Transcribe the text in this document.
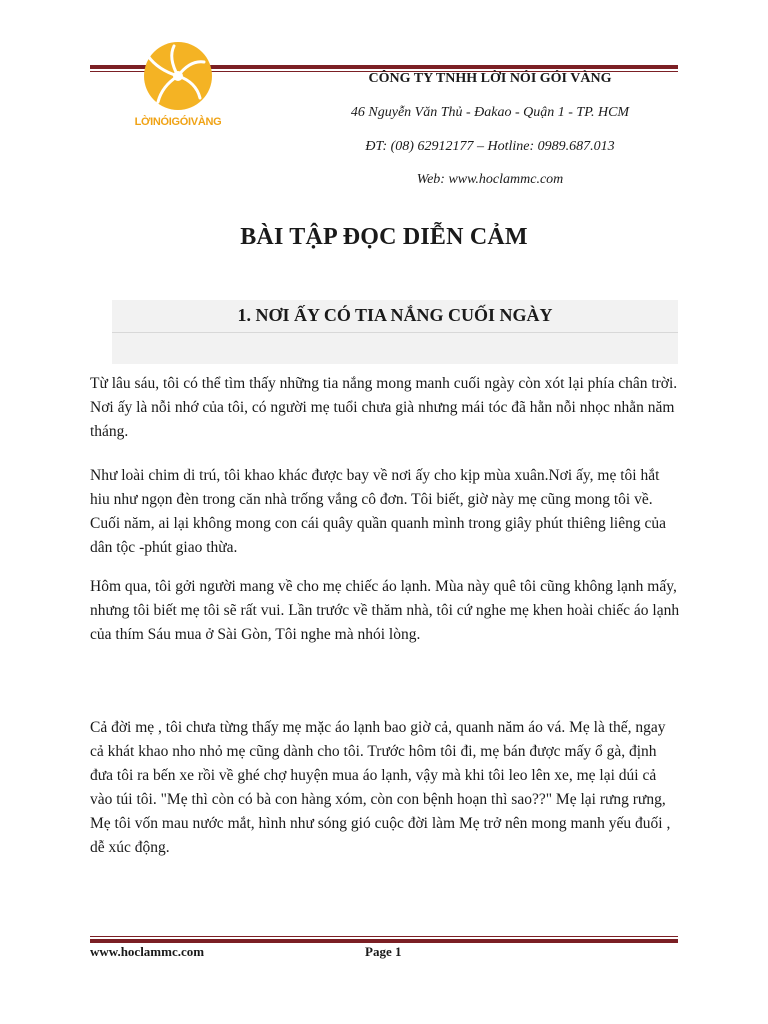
LỜINÓIGÓIVÀNG
CÔNG TY TNHH LỜI NÓI GÓI VÀNG
46 Nguyễn Văn Thủ - Đakao - Quận 1 - TP. HCM
ĐT: (08) 62912177 – Hotline: 0989.687.013
Web: www.hoclammc.com
BÀI TẬP ĐỌC DIỄN CẢM
1. NƠI ẤY CÓ TIA NẮNG CUỐI NGÀY
Từ lâu sáu, tôi có thể tìm thấy những tia nắng mong manh cuối ngày còn xót lại phía chân trời. Nơi ấy là nỗi nhớ của tôi, có người mẹ tuổi chưa già nhưng mái tóc đã hằn nỗi nhọc nhằn năm tháng.
Như loài chim di trú, tôi khao khác được bay về nơi ấy cho kịp mùa xuân.Nơi ấy, mẹ tôi hắt hiu như ngọn đèn trong căn nhà trống vắng cô đơn. Tôi biết, giờ này mẹ cũng mong tôi về. Cuối năm, ai lại không mong con cái quây quần quanh mình trong giây phút thiêng liêng của dân tộc -phút giao thừa.
Hôm qua, tôi gởi người mang về cho mẹ chiếc áo lạnh. Mùa này quê tôi cũng không lạnh mấy, nhưng tôi biết mẹ tôi sẽ rất vui. Lần trước về thăm nhà, tôi cứ nghe mẹ khen hoài chiếc áo lạnh của thím Sáu mua ở Sài Gòn, Tôi nghe mà nhói lòng.
Cả đời mẹ , tôi chưa từng thấy mẹ mặc áo lạnh bao giờ cả, quanh năm áo vá. Mẹ là thế, ngay cả khát khao nho nhỏ mẹ cũng dành cho tôi. Trước hôm tôi đi, mẹ bán được mấy ổ gà, định đưa tôi ra bến xe rồi về ghé chợ huyện mua áo lạnh, vậy mà khi tôi leo lên xe, mẹ lại dúi cả vào túi tôi. "Mẹ thì còn có bà con hàng xóm, còn con bệnh hoạn thì sao??" Mẹ lại rưng rưng, Mẹ tôi vốn mau nước mắt, hình như sóng gió cuộc đời làm Mẹ trở nên mong manh yếu đuối , dễ xúc động.
www.hoclammc.com	Page 1
